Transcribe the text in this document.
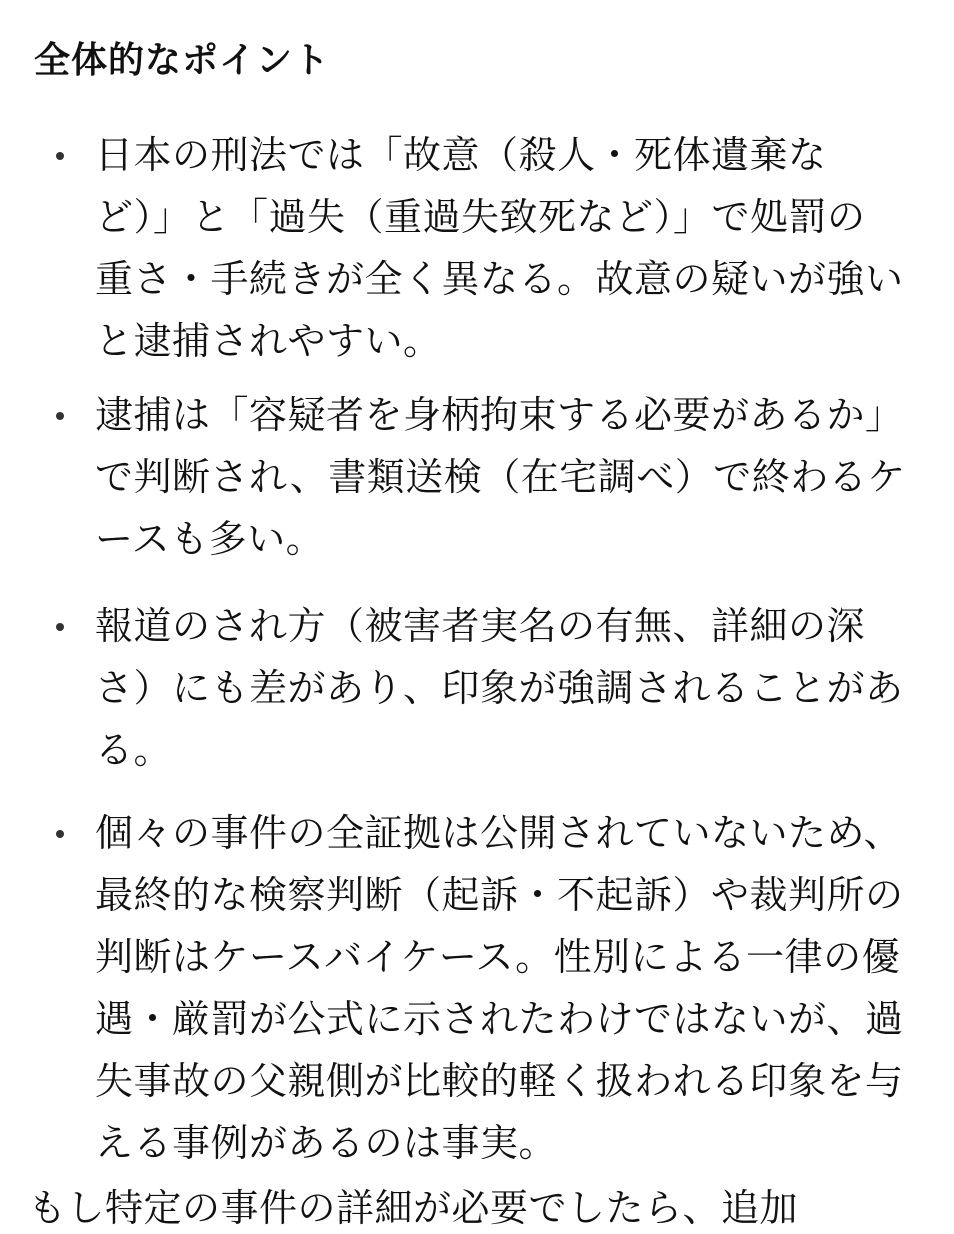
全体的なポイント

日本の刑法では「故意（殺人・死体遺棄な
ど）」と「過失（重過失致死など）」で処罰の
重さ・手続きが全く異なる。故意の疑いが強い
と逮捕されやすい。

逮捕は「容疑者を身柄拘束する必要があるか」
で判断され、書類送検（在宅調べ）で終わるケ
ースも多い。

報道のされ方（被害者実名の有無、詳細の深
さ）にも差があり、印象が強調されることがあ
る。

個々の事件の全証拠は公開されていないため、
最終的な検察判断（起訴・不起訴）や裁判所の
判断はケースバイケース。性別による一律の優
遇・厳罰が公式に示されたわけではないが、過
失事故の父親側が比較的軽く扱われる印象を与
える事例があるのは事実。

もし特定の事件の詳細が必要でしたら、追加
